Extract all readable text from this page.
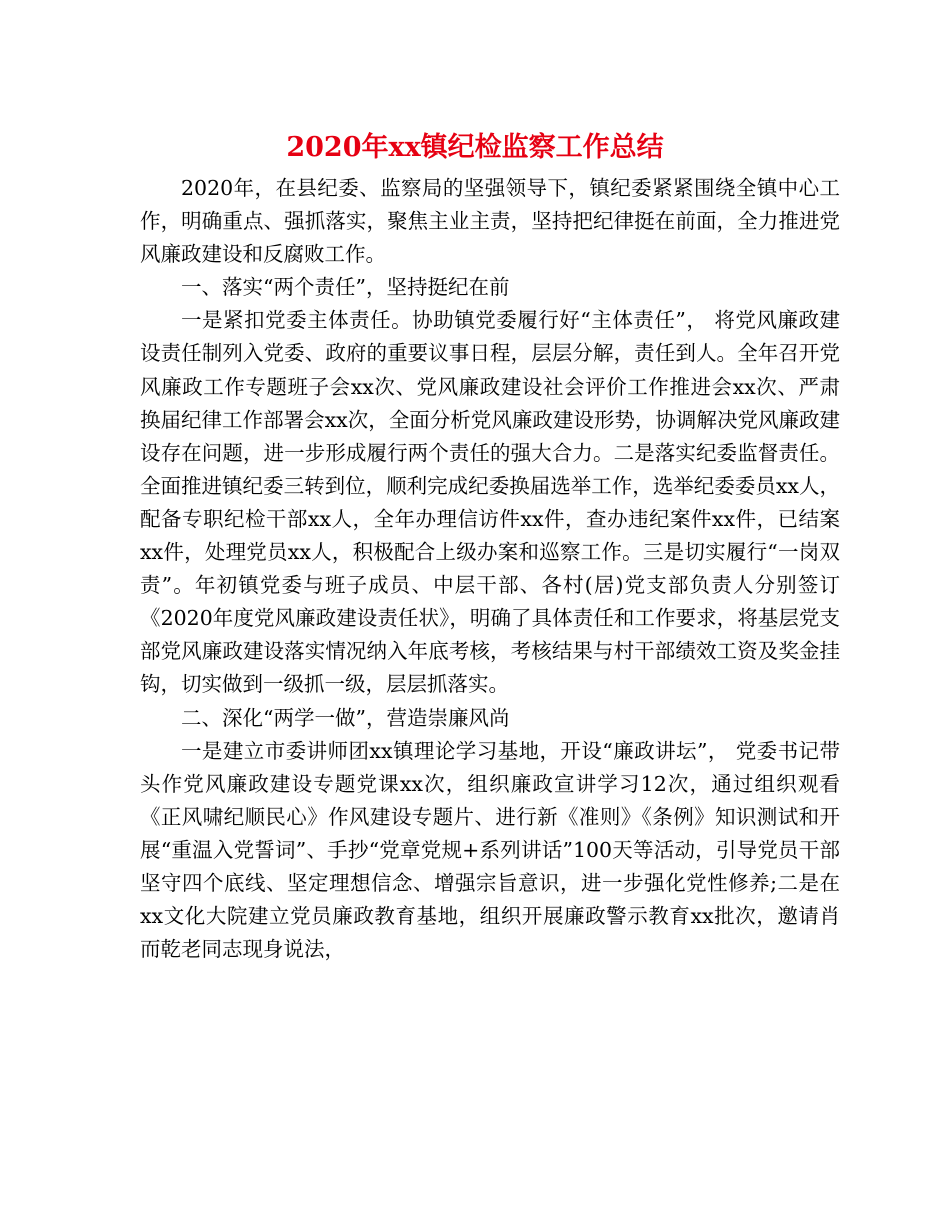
2020年xx镇纪检监察工作总结

2020年，在县纪委、监察局的坚强领导下，镇纪委紧紧围绕全镇中心工作，明确重点、强抓落实，聚焦主业主责，坚持把纪律挺在前面，全力推进党风廉政建设和反腐败工作。

一、落实“两个责任”，坚持挺纪在前

一是紧扣党委主体责任。协助镇党委履行好“主体责任”， 将党风廉政建设责任制列入党委、政府的重要议事日程，层层分解，责任到人。全年召开党风廉政工作专题班子会xx次、党风廉政建设社会评价工作推进会xx次、严肃换届纪律工作部署会xx次，全面分析党风廉政建设形势，协调解决党风廉政建设存在问题，进一步形成履行两个责任的强大合力。二是落实纪委监督责任。全面推进镇纪委三转到位，顺利完成纪委换届选举工作，选举纪委委员xx人，配备专职纪检干部xx人，全年办理信访件xx件，查办违纪案件xx件，已结案xx件，处理党员xx人，积极配合上级办案和巡察工作。三是切实履行“一岗双责”。年初镇党委与班子成员、中层干部、各村(居)党支部负责人分别签订《2020年度党风廉政建设责任状》，明确了具体责任和工作要求，将基层党支部党风廉政建设落实情况纳入年底考核，考核结果与村干部绩效工资及奖金挂钩，切实做到一级抓一级，层层抓落实。

二、深化“两学一做”，营造崇廉风尚

一是建立市委讲师团xx镇理论学习基地，开设“廉政讲坛”， 党委书记带头作党风廉政建设专题党课xx次，组织廉政宣讲学习12次，通过组织观看《正风啸纪顺民心》作风建设专题片、进行新《准则》《条例》知识测试和开展“重温入党誓词”、手抄“党章党规+系列讲话”100天等活动，引导党员干部坚守四个底线、坚定理想信念、增强宗旨意识，进一步强化党性修养;二是在xx文化大院建立党员廉政教育基地，组织开展廉政警示教育xx批次，邀请肖而乾老同志现身说法，
